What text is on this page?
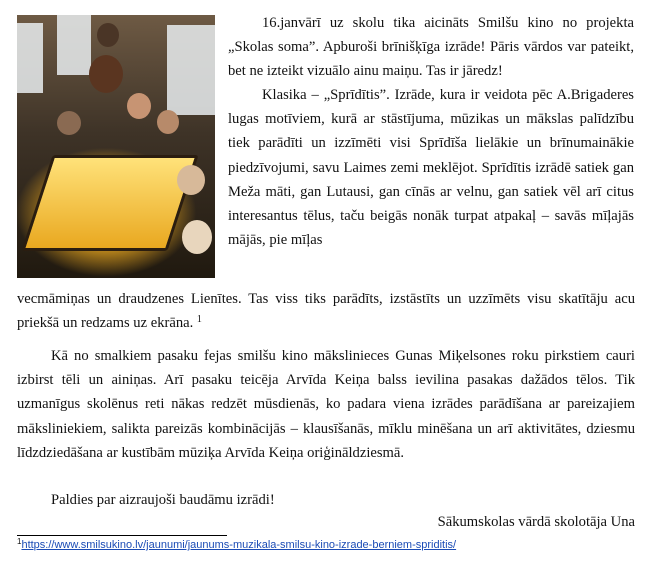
16.janvārī uz skolu tika aicināts Smilšu kino no projekta „Skolas soma”. Apburoši brīnišķīga izrāde! Pāris vārdos var pateikt, bet ne izteikt vizuālo ainu maiņu. Tas ir jāredz!

Klasika – „Sprīdītis”. Izrāde, kura ir veidota pēc A.Brigaderes lugas motīviem, kurā ar stāstījuma, mūzikas un mākslas palīdzību tiek parādīti un izzīmēti visi Sprīdīša lielākie un brīnumainākie piedzīvojumi, savu Laimes zemi meklējot. Sprīdītis izrādē satiek gan Meža māti, gan Lutausi, gan cīnās ar velnu, gan satiek vēl arī citus interesantus tēlus, taču beigās nonāk turpat atpakaļ – savās mīļajās mājās, pie mīļas

vecmāmiņas un draudzenes Lienītes. Tas viss tiks parādīts, izstāstīts un uzzīmēts visu skatītāju acu priekšā un redzams uz ekrāna. $^1$

Kā no smalkiem pasaku fejas smilšu kino mākslinieces Gunas Miķelsones roku pirkstiem cauri izbirst tēli un ainiņas. Arī pasaku teicēja Arvīda Keiņa balss ievilina pasakas dažādos tēlos. Tik uzmanīgus skolēnus reti nākas redzēt mūsdienās, ko padara viena izrādes parādīšana ar pareizajiem māksliniekiem, salikta pareizās kombinācijās – klausīšanās, mīklu minēšana un arī aktivitātes, dziesmu līdzdziedāšana ar kustībām mūziķa Arvīda Keiņa oriģināldziesmā.

Paldies par aizraujoši baudāmu izrādi!

Sākumskolas vārdā skolotāja Una
$^1$https://www.smilsukino.lv/jaunumi/jaunums-muzikala-smilsu-kino-izrade-berniem-spriditis/
